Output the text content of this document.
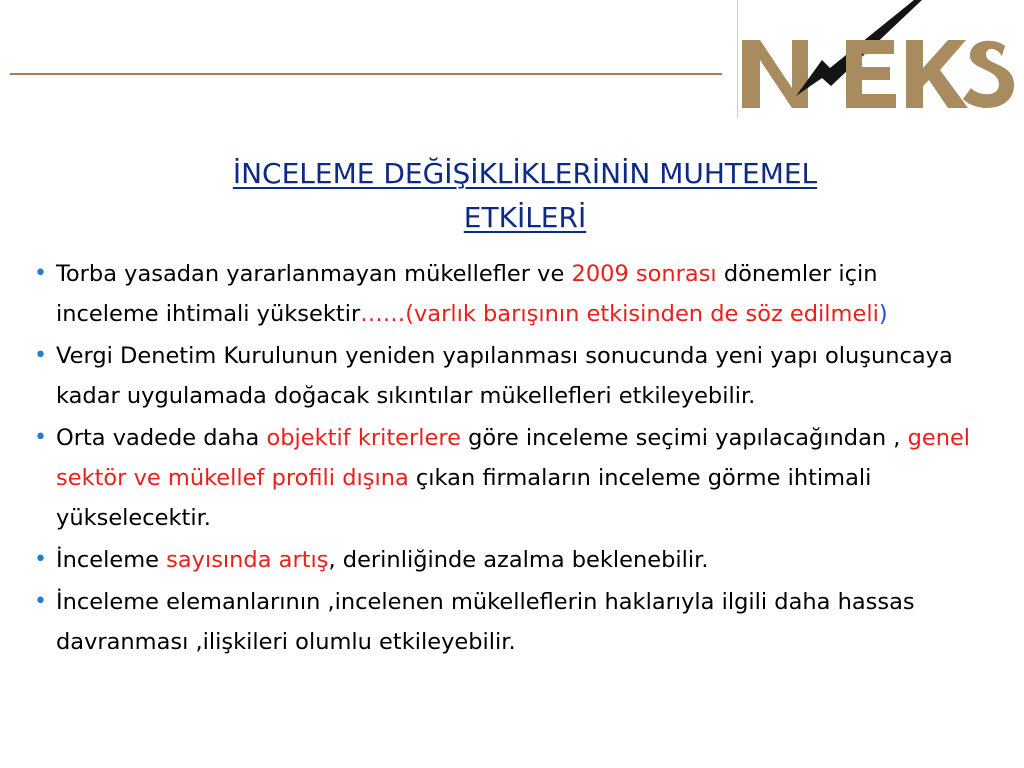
İNCELEME DEĞİŞİKLİKLERİNİN MUHTEMEL
ETKİLERİ
• Torba yasadan yararlanmayan mükellefler ve 2009 sonrası dönemler için inceleme ihtimali yüksektir……(varlık barışının etkisinden de söz edilmeli)
• Vergi Denetim Kurulunun yeniden yapılanması sonucunda yeni yapı oluşuncaya kadar uygulamada doğacak sıkıntılar mükellefleri etkileyebilir.
• Orta vadede daha objektif kriterlere göre inceleme seçimi yapılacağından , genel sektör ve mükellef profili dışına çıkan firmaların inceleme görme ihtimali yükselecektir.
• İnceleme sayısında artış, derinliğinde azalma beklenebilir.
• İnceleme elemanlarının ,incelenen mükelleflerin haklarıyla ilgili daha hassas davranması ,ilişkileri olumlu etkileyebilir.
